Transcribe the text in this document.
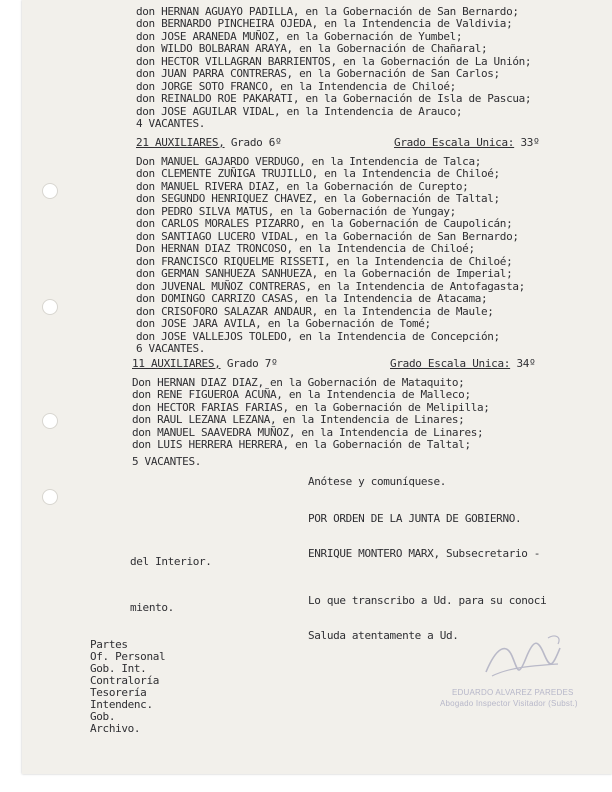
don HERNAN AGUAYO PADILLA, en la Gobernación de San Bernardo;
don BERNARDO PINCHEIRA OJEDA, en la Intendencia de Valdivia;
don JOSE ARANEDA MUÑOZ, en la Gobernación de Yumbel;
don WILDO BOLBARAN ARAYA, en la Gobernación de Chañaral;
don HECTOR VILLAGRAN BARRIENTOS, en la Gobernación de La Unión;
don JUAN PARRA CONTRERAS, en la Gobernación de San Carlos;
don JORGE SOTO FRANCO, en la Intendencia de Chiloé;
don REINALDO ROE PAKARATI, en la Gobernación de Isla de Pascua;
don JOSE AGUILAR VIDAL, en la Intendencia de Arauco;
4 VACANTES.
21 AUXILIARES, Grado 6º	Grado Escala Unica: 33º
Don MANUEL GAJARDO VERDUGO, en la Intendencia de Talca;
don CLEMENTE ZUÑIGA TRUJILLO, en la Intendencia de Chiloé;
don MANUEL RIVERA DIAZ, en la Gobernación de Curepto;
don SEGUNDO HENRIQUEZ CHAVEZ, en la Gobernación de Taltal;
don PEDRO SILVA MATUS, en la Gobernación de Yungay;
don CARLOS MORALES PIZARRO, en la Gobernación de Caupolicán;
don SANTIAGO LUCERO VIDAL, en la Gobernación de San Bernardo;
Don HERNAN DIAZ TRONCOSO, en la Intendencia de Chiloé;
don FRANCISCO RIQUELME RISSETI, en la Intendencia de Chiloé;
don GERMAN SANHUEZA SANHUEZA, en la Gobernación de Imperial;
don JUVENAL MUÑOZ CONTRERAS, en la Intendencia de Antofagasta;
don DOMINGO CARRIZO CASAS, en la Intendencia de Atacama;
don CRISOFORO SALAZAR ANDAUR, en la Intendencia de Maule;
don JOSE JARA AVILA, en la Gobernación de Tomé;
don JOSE VALLEJOS TOLEDO, en la Intendencia de Concepción;
6 VACANTES.
11 AUXILIARES, Grado 7º	Grado Escala Unica: 34º
Don HERNAN DIAZ DIAZ, en la Gobernación de Mataquito;
don RENE FIGUEROA ACUÑA, en la Intendencia de Malleco;
don HECTOR FARIAS FARIAS, en la Gobernación de Melipilla;
don RAUL LEZANA LEZANA, en la Intendencia de Linares;
don MANUEL SAAVEDRA MUÑOZ, en la Intendencia de Linares;
don LUIS HERRERA HERRERA, en la Gobernación de Taltal;
5 VACANTES.
Anótese y comuníquese.
POR ORDEN DE LA JUNTA DE GOBIERNO.
ENRIQUE MONTERO MARX, Subsecretario -
del Interior.
Lo que transcribo a Ud. para su conoci
miento.
Saluda atentamente a Ud.
Partes
Of. Personal
Gob. Int.
Contraloría
Tesorería
Intendenc.
Gob.
Archivo.
EDUARDO ALVAREZ PAREDES
Abogado Inspector Visitador (Subst.)
